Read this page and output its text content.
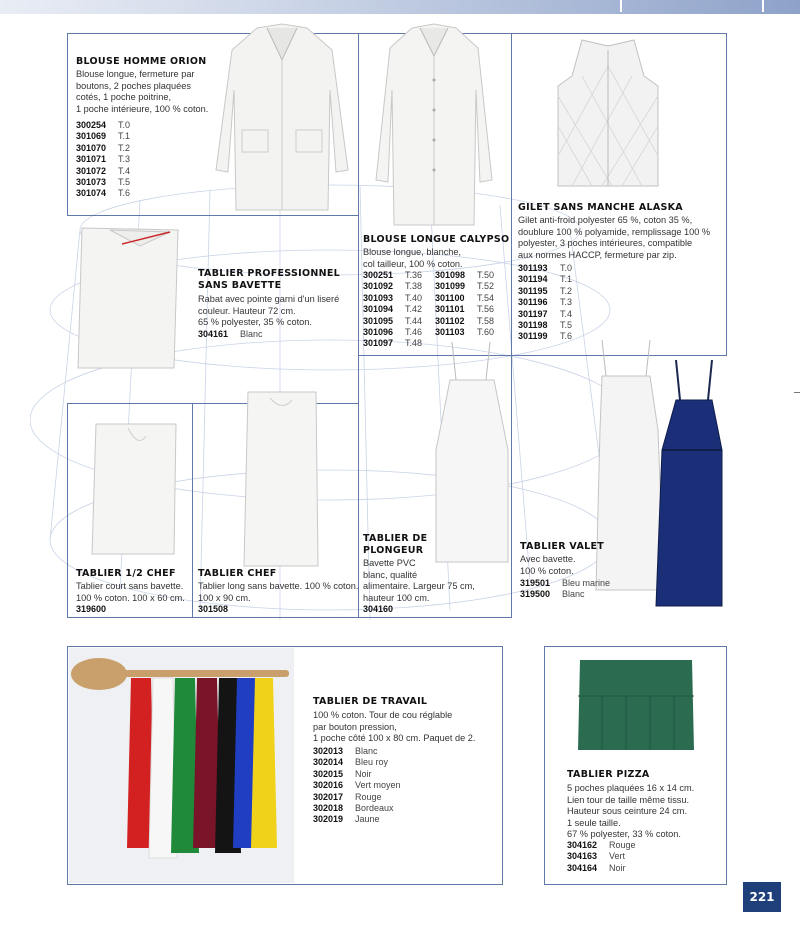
BLOUSE HOMME ORION
Blouse longue, fermeture par
boutons, 2 poches plaquées
cotés, 1 poche poitrine,
1 poche intérieure, 100 % coton.
300254	T.0
301069	T.1
301070	T.2
301071	T.3
301072	T.4
301073	T.5
301074	T.6
BLOUSE LONGUE CALYPSO
Blouse longue, blanche,
col tailleur, 100 % coton.
300251	T.36	301098	T.50
301092	T.38	301099	T.52
301093	T.40	301100	T.54
301094	T.42	301101	T.56
301095	T.44	301102	T.58
301096	T.46	301103	T.60
301097	T.48
GILET SANS MANCHE ALASKA
Gilet anti-froid polyester 65 %, coton 35 %,
doublure 100 % polyamide, remplissage 100 %
polyester, 3 poches intérieures, compatible
aux normes HACCP, fermeture par zip.
301193	T.0
301194	T.1
301195	T.2
301196	T.3
301197	T.4
301198	T.5
301199	T.6
TABLIER PROFESSIONNEL
SANS BAVETTE
Rabat avec pointe garni d'un liseré
couleur. Hauteur 72 cm.
65 % polyester, 35 % coton.
304161	Blanc
TABLIER 1/2 CHEF
Tablier court sans bavette.
100 % coton. 100 x 60 cm.
319600
TABLIER CHEF
Tablier long sans bavette. 100 % coton.
100 x 90 cm.
301508
TABLIER DE
PLONGEUR
Bavette PVC
blanc, qualité
alimentaire. Largeur 75 cm,
hauteur 100 cm.
304160
TABLIER VALET
Avec bavette.
100 % coton.
319501	Bleu marine
319500	Blanc
TABLIER DE TRAVAIL
100 % coton. Tour de cou réglable
par bouton pression,
1 poche côté 100 x 80 cm. Paquet de 2.
302013	Blanc
302014	Bleu roy
302015	Noir
302016	Vert moyen
302017	Rouge
302018	Bordeaux
302019	Jaune
TABLIER PIZZA
5 poches plaquées 16 x 14 cm.
Lien tour de taille même tissu.
Hauteur sous ceinture 24 cm.
1 seule taille.
67 % polyester, 33 % coton.
304162	Rouge
304163	Vert
304164	Noir
221
